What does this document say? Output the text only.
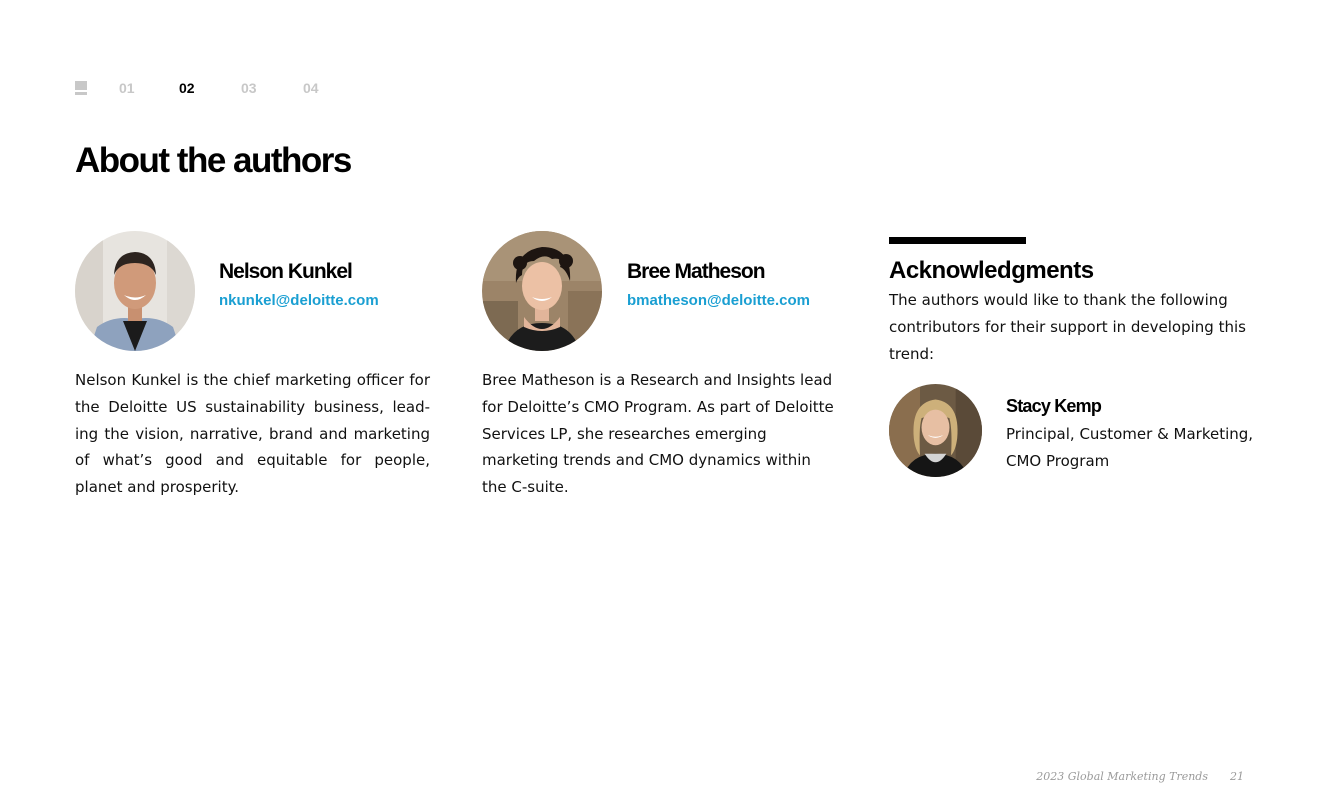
01	02	03	04
About the authors
Nelson Kunkel
nkunkel@deloitte.com

Nelson Kunkel is the chief marketing officer for the Deloitte US sustainability business, lead-ing the vision, narrative, brand and marketing of what’s good and equitable for people, planet and prosperity.

Bree Matheson
bmatheson@deloitte.com

Bree Matheson is a Research and Insights lead for Deloitte’s CMO Program. As part of Deloitte Services LP, she researches emerging marketing trends and CMO dynamics within the C-suite.

Acknowledgments

The authors would like to thank the following contributors for their support in developing this trend:

Stacy Kemp

Principal, Customer & Marketing, CMO Program

2023 Global Marketing Trends 21
